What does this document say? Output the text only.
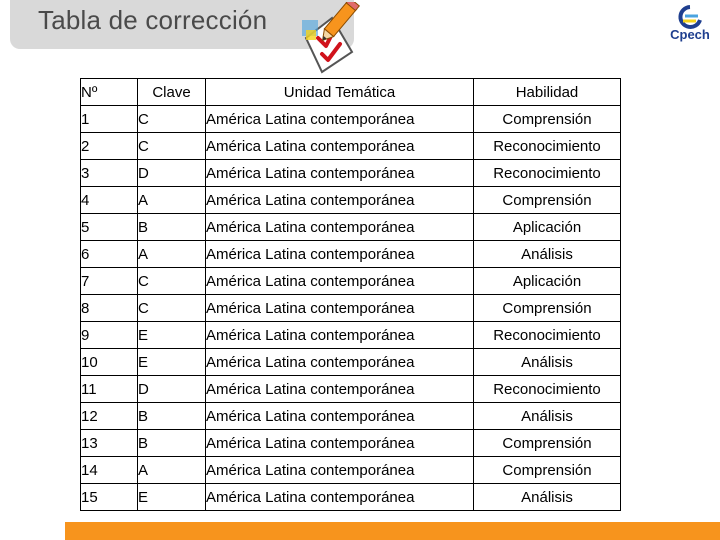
Tabla de corrección	Cpech
Nº	Clave	Unidad Temática	Habilidad
1	C	América Latina contemporánea	Comprensión
2	C	América Latina contemporánea	Reconocimiento
3	D	América Latina contemporánea	Reconocimiento
4	A	América Latina contemporánea	Comprensión
5	B	América Latina contemporánea	Aplicación
6	A	América Latina contemporánea	Análisis
7	C	América Latina contemporánea	Aplicación
8	C	América Latina contemporánea	Comprensión
9	E	América Latina contemporánea	Reconocimiento
10	E	América Latina contemporánea	Análisis
11	D	América Latina contemporánea	Reconocimiento
12	B	América Latina contemporánea	Análisis
13	B	América Latina contemporánea	Comprensión
14	A	América Latina contemporánea	Comprensión
15	E	América Latina contemporánea	Análisis
